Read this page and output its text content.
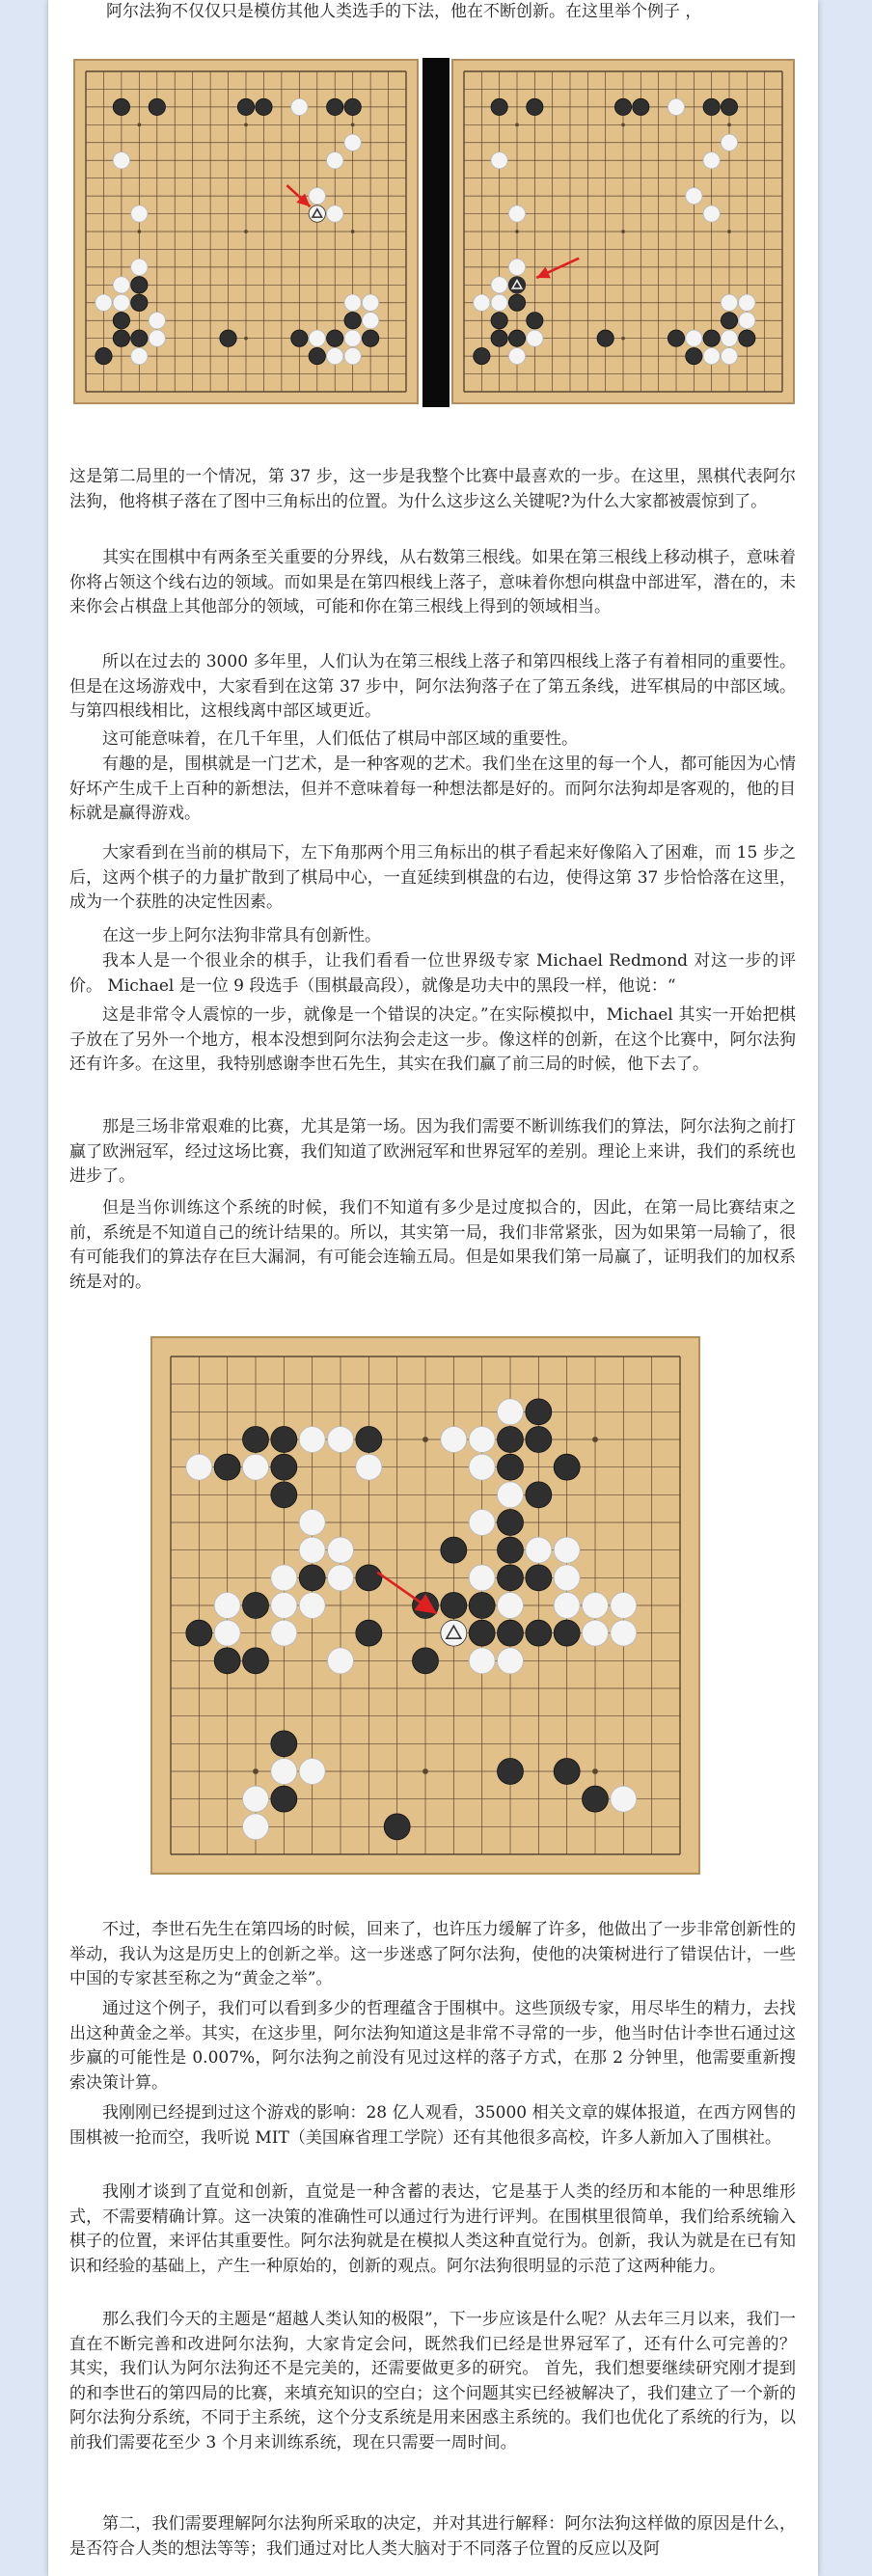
阿尔法狗不仅仅只是模仿其他人类选手的下法，他在不断创新。在这里举个例子 ，

这是第二局里的一个情况，第 37 步，这一步是我整个比赛中最喜欢的一步。在这里，黑棋代表阿尔法狗，他将棋子落在了图中三角标出的位置。为什么这步这么关键呢?为什么大家都被震惊到了。

其实在围棋中有两条至关重要的分界线，从右数第三根线。如果在第三根线上移动棋子，意味着你将占领这个线右边的领域。而如果是在第四根线上落子，意味着你想向棋盘中部进军，潜在的，未来你会占棋盘上其他部分的领域，可能和你在第三根线上得到的领域相当。

所以在过去的 3000 多年里，人们认为在第三根线上落子和第四根线上落子有着相同的重要性。但是在这场游戏中，大家看到在这第 37 步中，阿尔法狗落子在了第五条线，进军棋局的中部区域。与第四根线相比，这根线离中部区域更近。

这可能意味着，在几千年里，人们低估了棋局中部区域的重要性。

有趣的是，围棋就是一门艺术，是一种客观的艺术。我们坐在这里的每一个人，都可能因为心情好坏产生成千上百种的新想法，但并不意味着每一种想法都是好的。而阿尔法狗却是客观的，他的目标就是赢得游戏。

大家看到在当前的棋局下，左下角那两个用三角标出的棋子看起来好像陷入了困难，而 15 步之后，这两个棋子的力量扩散到了棋局中心，一直延续到棋盘的右边，使得这第 37 步恰恰落在这里，成为一个获胜的决定性因素。

在这一步上阿尔法狗非常具有创新性。

我本人是一个很业余的棋手，让我们看看一位世界级专家 Michael Redmond 对这一步的评价。 Michael 是一位 9 段选手（围棋最高段），就像是功夫中的黑段一样，他说：“

这是非常令人震惊的一步，就像是一个错误的决定。”在实际模拟中，Michael 其实一开始把棋子放在了另外一个地方，根本没想到阿尔法狗会走这一步。像这样的创新，在这个比赛中，阿尔法狗还有许多。在这里，我特别感谢李世石先生，其实在我们赢了前三局的时候，他下去了。

那是三场非常艰难的比赛，尤其是第一场。因为我们需要不断训练我们的算法，阿尔法狗之前打赢了欧洲冠军，经过这场比赛，我们知道了欧洲冠军和世界冠军的差别。理论上来讲，我们的系统也进步了。

但是当你训练这个系统的时候，我们不知道有多少是过度拟合的，因此，在第一局比赛结束之前，系统是不知道自己的统计结果的。所以，其实第一局，我们非常紧张，因为如果第一局输了，很有可能我们的算法存在巨大漏洞，有可能会连输五局。但是如果我们第一局赢了，证明我们的加权系统是对的。

不过，李世石先生在第四场的时候，回来了，也许压力缓解了许多，他做出了一步非常创新性的举动，我认为这是历史上的创新之举。这一步迷惑了阿尔法狗，使他的决策树进行了错误估计，一些中国的专家甚至称之为“黄金之举”。

通过这个例子，我们可以看到多少的哲理蕴含于围棋中。这些顶级专家，用尽毕生的精力，去找出这种黄金之举。其实，在这步里，阿尔法狗知道这是非常不寻常的一步，他当时估计李世石通过这步赢的可能性是 0.007%，阿尔法狗之前没有见过这样的落子方式，在那 2 分钟里，他需要重新搜索决策计算。

我刚刚已经提到过这个游戏的影响：28 亿人观看，35000 相关文章的媒体报道，在西方网售的围棋被一抢而空，我听说 MIT（美国麻省理工学院）还有其他很多高校，许多人新加入了围棋社。

我刚才谈到了直觉和创新，直觉是一种含蓄的表达，它是基于人类的经历和本能的一种思维形式，不需要精确计算。这一决策的准确性可以通过行为进行评判。在围棋里很简单，我们给系统输入棋子的位置，来评估其重要性。阿尔法狗就是在模拟人类这种直觉行为。创新，我认为就是在已有知识和经验的基础上，产生一种原始的，创新的观点。阿尔法狗很明显的示范了这两种能力。

那么我们今天的主题是“超越人类认知的极限”，下一步应该是什么呢？从去年三月以来，我们一直在不断完善和改进阿尔法狗，大家肯定会问，既然我们已经是世界冠军了，还有什么可完善的？ 其实，我们认为阿尔法狗还不是完美的，还需要做更多的研究。 首先，我们想要继续研究刚才提到的和李世石的第四局的比赛，来填充知识的空白；这个问题其实已经被解决了，我们建立了一个新的阿尔法狗分系统，不同于主系统，这个分支系统是用来困惑主系统的。我们也优化了系统的行为，以前我们需要花至少 3 个月来训练系统，现在只需要一周时间。

第二，我们需要理解阿尔法狗所采取的决定，并对其进行解释：阿尔法狗这样做的原因是什么，是否符合人类的想法等等；我们通过对比人类大脑对于不同落子位置的反应以及阿
